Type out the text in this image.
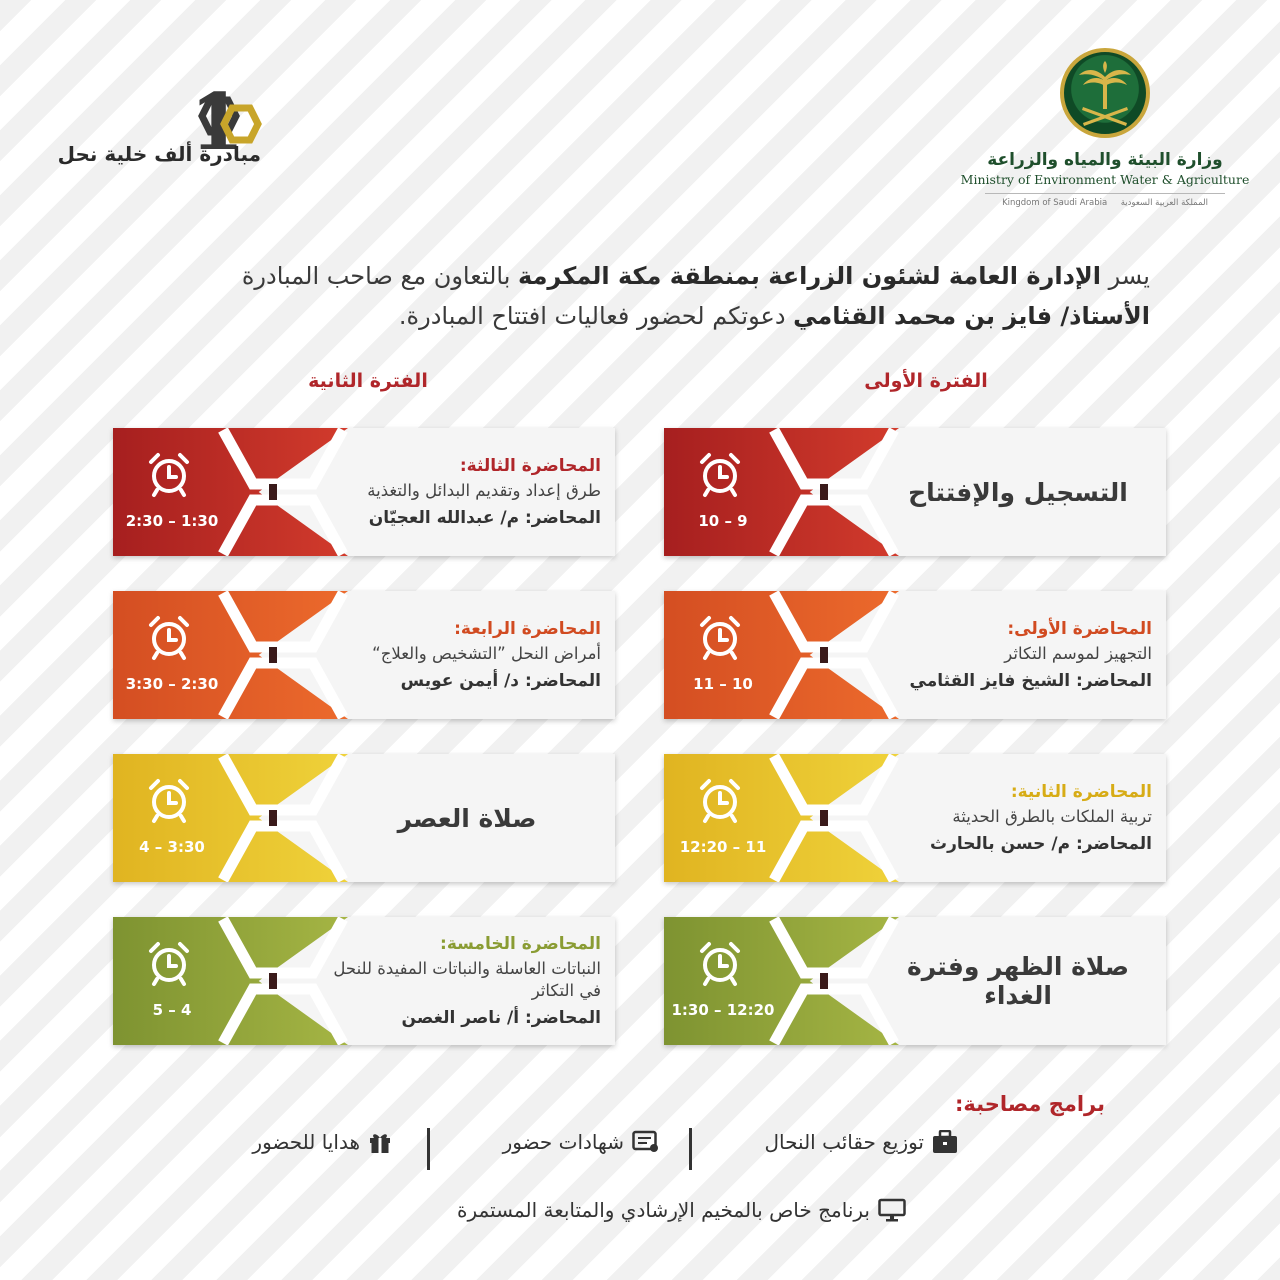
وزارة البيئة والمياه والزراعة
Ministry of Environment Water & Agriculture
Kingdom of Saudi Arabia المملكة العربية السعودية
1
مبادرة ألف خلية نحل
يسر الإدارة العامة لشئون الزراعة بمنطقة مكة المكرمة بالتعاون مع صاحب المبادرة
الأستاذ/ فايز بن محمد القثامي دعوتكم لحضور فعاليات افتتاح المبادرة.
الفترة الأولى
الفترة الثانية
10 – 9
التسجيل والإفتتاح
11 – 10
المحاضرة الأولى:
التجهيز لموسم التكاثر
المحاضر: الشيخ فايز القثامي
12:20 – 11
المحاضرة الثانية:
تربية الملكات بالطرق الحديثة
المحاضر: م/ حسن بالحارث
1:30 – 12:20
صلاة الظهر وفترة الغداء
2:30 – 1:30
المحاضرة الثالثة:
طرق إعداد وتقديم البدائل والتغذية
المحاضر: م/ عبدالله العجيّان
3:30 – 2:30
المحاضرة الرابعة:
أمراض النحل ”التشخيص والعلاج“
المحاضر: د/ أيمن عويس
4 – 3:30
صلاة العصر
5 – 4
المحاضرة الخامسة:
النباتات العاسلة والنباتات المفيدة للنحل في التكاثر
المحاضر: أ/ ناصر الغصن
برامج مصاحبة:
توزيع حقائب النحال
شهادات حضور
هدايا للحضور
برنامج خاص بالمخيم الإرشادي والمتابعة المستمرة
